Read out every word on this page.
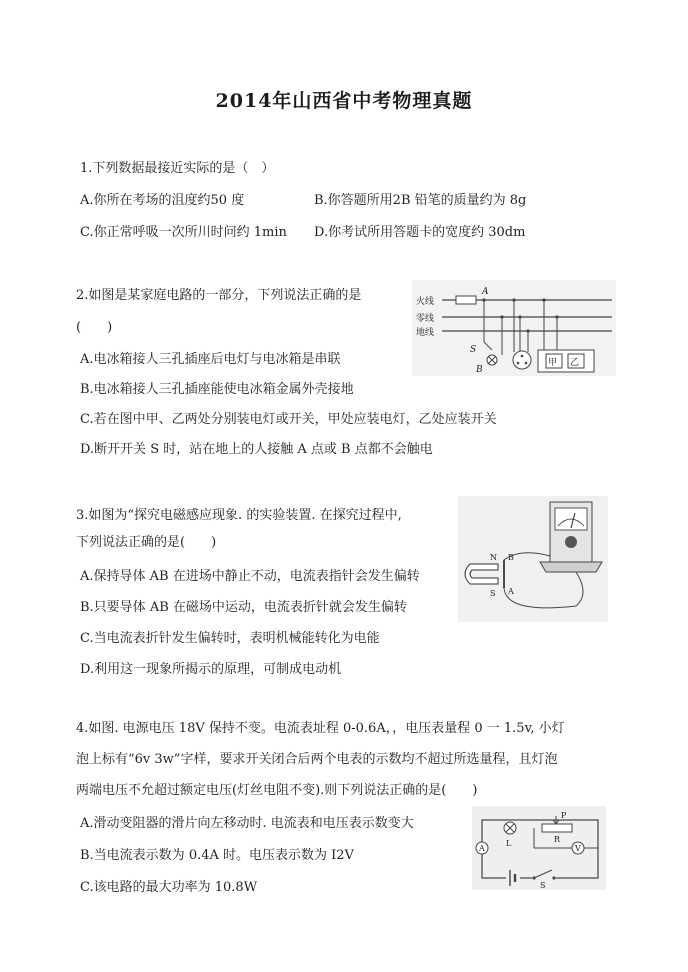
2014年山西省中考物理真题
1.下列数据最接近实际的是（　）
A.你所在考场的沮度约50 度	B.你答题所用2B 铅笔的质量约为 8g
C.你正常呼吸一次所川时问约 1min D.你考试所用答题卡的宽度约 30dm
2.如图是某家庭电路的一部分，下列说法正确的是
(　　)
A.电冰箱接人三孔插座后电灯与电冰箱是串联
B.电冰箱接人三孔插座能使电冰箱金属外壳接地
C.若在图中甲、乙两处分别装电灯或开关，甲处应装电灯，乙处应装开关
D.断开开关 S 时，站在地上的人接触 A 点或 B 点都不会触电
火线
零线
地线
A
S
B
甲 乙
3.如图为“探究电磁感应现象. 的实验装置. 在探究过程中,
下列说法正确的是(　　)
A.保持导体 AB 在进场中静止不动，电流表指针会发生偏转
B.只要导体 AB 在磁场中运动，电流表折针就会发生偏转
C.当电流表折针发生偏转时，表明机械能转化为电能
D.利用这一现象所揭示的原理，可制成电动机
N
S
B
A
4.如图. 电源电压 18V 保持不变。电流表址程 0-0.6A，，电压表量程 0 一 1.5v, 小灯
泡上标有“6v 3w”字样，要求开关闭合后两个电表的示数均不超过所选量程，且灯泡
两端电压不允超过额定电压(灯丝电阻不变).则下列说法正确的是(　　)
A.滑动变阻器的滑片向左移动时. 电流表和电压表示数变大
B.当电流表示数为 0.4A 时。电压表示数为 I2V
C.该电路的最大功率为 10.8W
L	R
P
A	V
S
